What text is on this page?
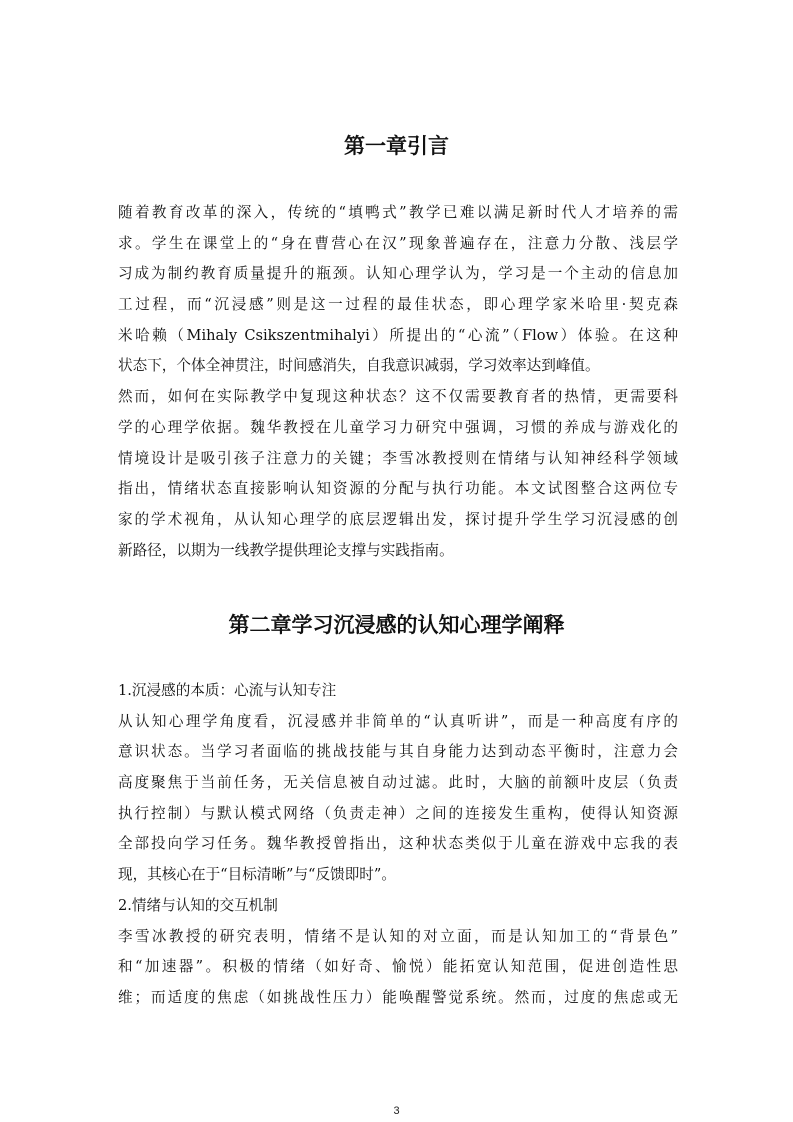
第一章引言
随着教育改革的深入，传统的“填鸭式”教学已难以满足新时代人才培养的需
求。学生在课堂上的“身在曹营心在汉”现象普遍存在，注意力分散、浅层学
习成为制约教育质量提升的瓶颈。认知心理学认为，学习是一个主动的信息加
工过程，而“沉浸感”则是这一过程的最佳状态，即心理学家米哈里·契克森
米哈赖（Mihaly Csikszentmihalyi）所提出的“心流”（Flow）体验。在这种
状态下，个体全神贯注，时间感消失，自我意识减弱，学习效率达到峰值。
然而，如何在实际教学中复现这种状态？这不仅需要教育者的热情，更需要科
学的心理学依据。魏华教授在儿童学习力研究中强调，习惯的养成与游戏化的
情境设计是吸引孩子注意力的关键；李雪冰教授则在情绪与认知神经科学领域
指出，情绪状态直接影响认知资源的分配与执行功能。本文试图整合这两位专
家的学术视角，从认知心理学的底层逻辑出发，探讨提升学生学习沉浸感的创
新路径，以期为一线教学提供理论支撑与实践指南。
第二章学习沉浸感的认知心理学阐释
1.沉浸感的本质：心流与认知专注
从认知心理学角度看，沉浸感并非简单的“认真听讲”，而是一种高度有序的
意识状态。当学习者面临的挑战技能与其自身能力达到动态平衡时，注意力会
高度聚焦于当前任务，无关信息被自动过滤。此时，大脑的前额叶皮层（负责
执行控制）与默认模式网络（负责走神）之间的连接发生重构，使得认知资源
全部投向学习任务。魏华教授曾指出，这种状态类似于儿童在游戏中忘我的表
现，其核心在于“目标清晰”与“反馈即时”。
2.情绪与认知的交互机制
李雪冰教授的研究表明，情绪不是认知的对立面，而是认知加工的“背景色”
和“加速器”。积极的情绪（如好奇、愉悦）能拓宽认知范围，促进创造性思
维；而适度的焦虑（如挑战性压力）能唤醒警觉系统。然而，过度的焦虑或无
3
